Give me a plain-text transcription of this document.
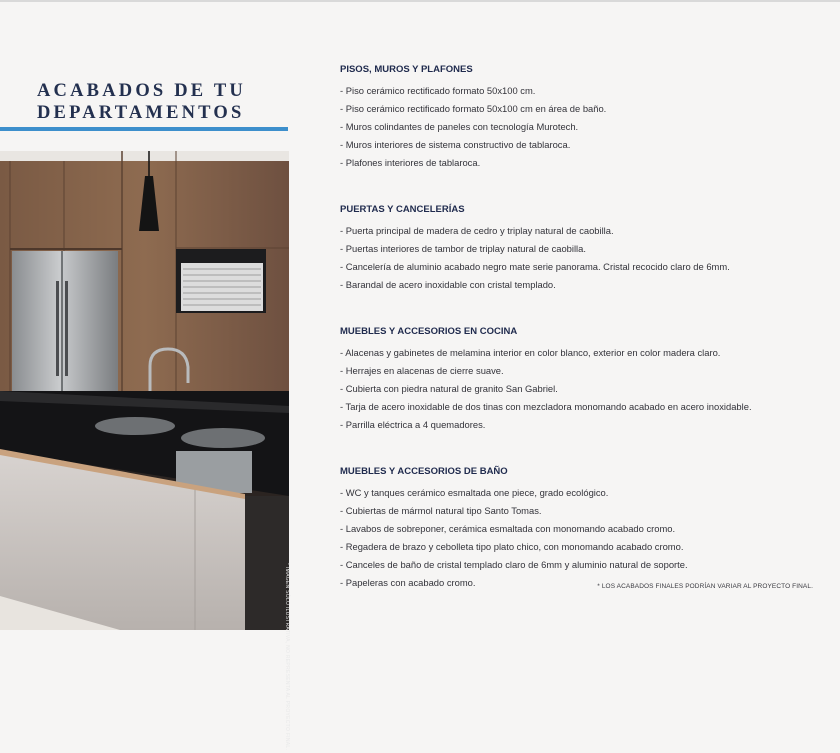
ACABADOS DE TU
DEPARTAMENTOS
* IMAGEN SÓLO ILUSTRATIVA, NO REPRESENTA AL PROYECTO FINAL.
PISOS, MUROS Y PLAFONES
- Piso cerámico rectificado formato 50x100 cm.
- Piso cerámico rectificado formato 50x100 cm en área de baño.
- Muros colindantes de paneles con tecnología Murotech.
- Muros interiores de sistema constructivo de tablaroca.
- Plafones interiores de tablaroca.
PUERTAS Y CANCELERÍAS
- Puerta principal de madera de cedro y triplay natural de caobilla.
- Puertas interiores de tambor de triplay natural de caobilla.
- Cancelería de aluminio acabado negro mate serie panorama. Cristal recocido claro de 6mm.
- Barandal de acero inoxidable con cristal templado.
MUEBLES Y ACCESORIOS EN COCINA
- Alacenas y gabinetes de melamina interior en color blanco, exterior en color madera claro.
- Herrajes en alacenas de cierre suave.
- Cubierta con piedra natural de granito San Gabriel.
- Tarja de acero inoxidable de dos tinas con mezcladora monomando acabado en acero inoxidable.
- Parrilla eléctrica a 4 quemadores.
MUEBLES Y ACCESORIOS DE BAÑO
- WC y tanques cerámico esmaltada one piece, grado ecológico.
- Cubiertas de mármol natural tipo Santo Tomas.
- Lavabos de sobreponer, cerámica esmaltada con monomando acabado cromo.
- Regadera de brazo y cebolleta tipo plato chico, con monomando acabado cromo.
- Canceles de baño de cristal templado claro de 6mm y aluminio natural de soporte.
- Papeleras con acabado cromo.	* LOS ACABADOS FINALES PODRÍAN VARIAR AL PROYECTO FINAL.
